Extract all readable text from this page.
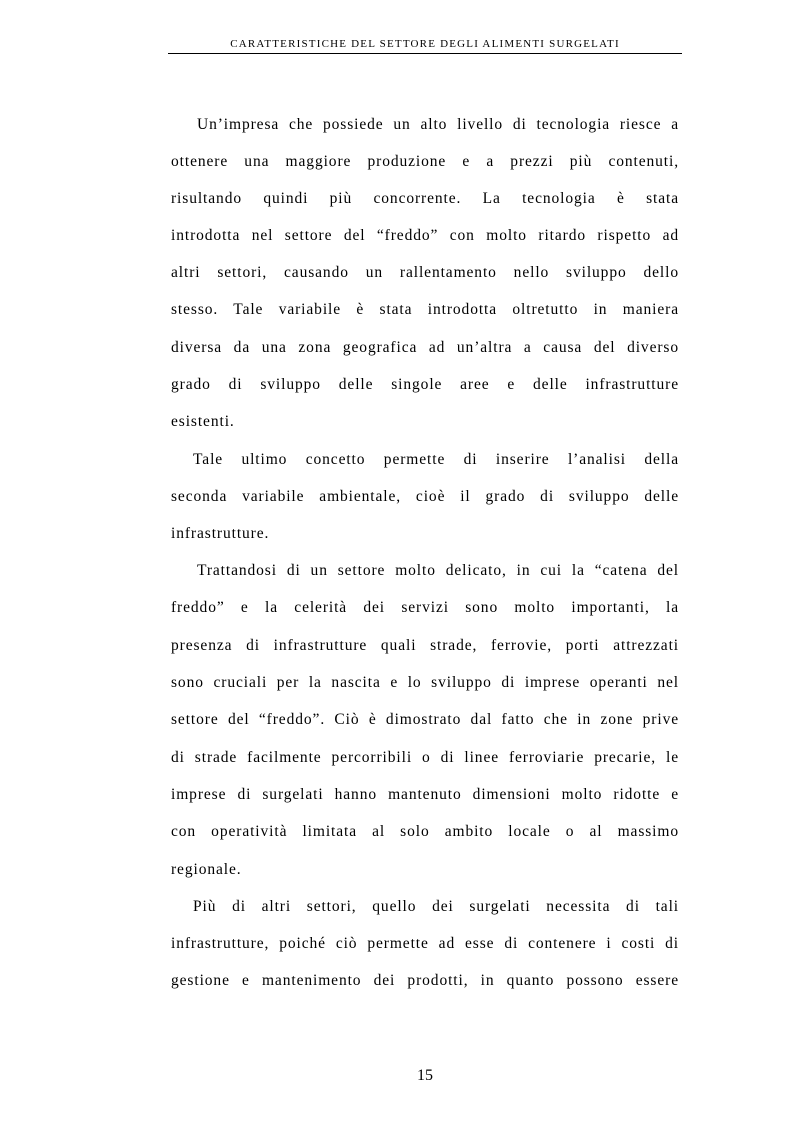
CARATTERISTICHE DEL SETTORE DEGLI ALIMENTI SURGELATI
Un’impresa che possiede un alto livello di tecnologia riesce a
ottenere una maggiore produzione e a prezzi più contenuti,
risultando quindi più concorrente. La tecnologia è stata
introdotta nel settore del “freddo” con molto ritardo rispetto ad
altri settori, causando un rallentamento nello sviluppo dello
stesso. Tale variabile è stata introdotta oltretutto in maniera
diversa da una zona geografica ad un’altra a causa del diverso
grado di sviluppo delle singole aree e delle infrastrutture
esistenti.
Tale ultimo concetto permette di inserire l’analisi della
seconda variabile ambientale, cioè il grado di sviluppo delle
infrastrutture.
Trattandosi di un settore molto delicato, in cui la “catena del
freddo” e la celerità dei servizi sono molto importanti, la
presenza di infrastrutture quali strade, ferrovie, porti attrezzati
sono cruciali per la nascita e lo sviluppo di imprese operanti nel
settore del “freddo”. Ciò è dimostrato dal fatto che in zone prive
di strade facilmente percorribili o di linee ferroviarie precarie, le
imprese di surgelati hanno mantenuto dimensioni molto ridotte e
con operatività limitata al solo ambito locale o al massimo
regionale.
Più di altri settori, quello dei surgelati necessita di tali
infrastrutture, poiché ciò permette ad esse di contenere i costi di
gestione e mantenimento dei prodotti, in quanto possono essere
15
